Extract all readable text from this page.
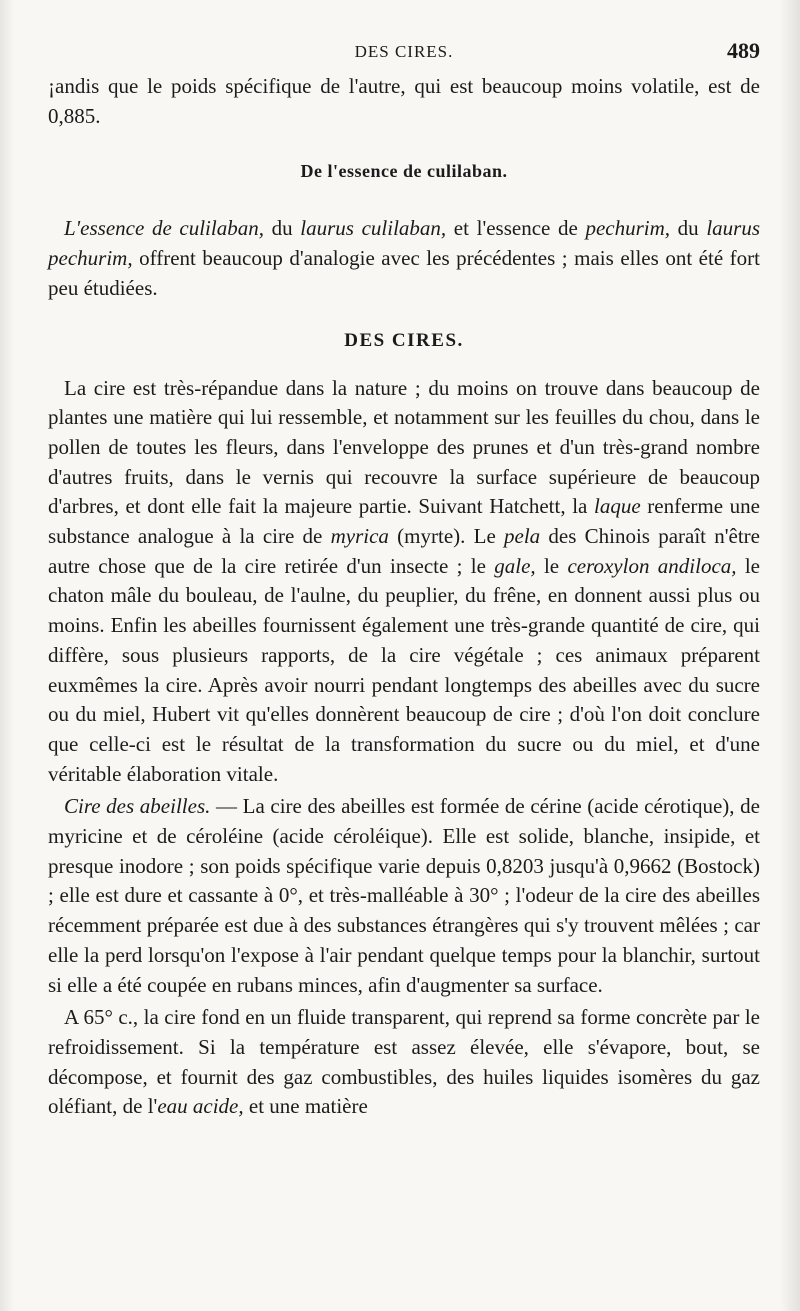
DES CIRES.	489

¡andis que le poids spécifique de l'autre, qui est beaucoup moins volatile, est de 0,885.

De l'essence de culilaban.

L'essence de culilaban, du laurus culilaban, et l'essence de pechurim, du laurus pechurim, offrent beaucoup d'analogie avec les précédentes ; mais elles ont été fort peu étudiées.

DES CIRES.

La cire est très-répandue dans la nature ; du moins on trouve dans beaucoup de plantes une matière qui lui ressemble, et notamment sur les feuilles du chou, dans le pollen de toutes les fleurs, dans l'enveloppe des prunes et d'un très-grand nombre d'autres fruits, dans le vernis qui recouvre la surface supérieure de beaucoup d'arbres, et dont elle fait la majeure partie. Suivant Hatchett, la laque renferme une substance analogue à la cire de myrica (myrte). Le pela des Chinois paraît n'être autre chose que de la cire retirée d'un insecte ; le gale, le ceroxylon andiloca, le chaton mâle du bouleau, de l'aulne, du peuplier, du frêne, en donnent aussi plus ou moins. Enfin les abeilles fournissent également une très-grande quantité de cire, qui diffère, sous plusieurs rapports, de la cire végétale ; ces animaux préparent euxmêmes la cire. Après avoir nourri pendant longtemps des abeilles avec du sucre ou du miel, Hubert vit qu'elles donnèrent beaucoup de cire ; d'où l'on doit conclure que celle-ci est le résultat de la transformation du sucre ou du miel, et d'une véritable élaboration vitale.

Cire des abeilles. — La cire des abeilles est formée de cérine (acide cérotique), de myricine et de céroléine (acide céroléique). Elle est solide, blanche, insipide, et presque inodore ; son poids spécifique varie depuis 0,8203 jusqu'à 0,9662 (Bostock) ; elle est dure et cassante à 0°, et très-malléable à 30° ; l'odeur de la cire des abeilles récemment préparée est due à des substances étrangères qui s'y trouvent mêlées ; car elle la perd lorsqu'on l'expose à l'air pendant quelque temps pour la blanchir, surtout si elle a été coupée en rubans minces, afin d'augmenter sa surface.

A 65° c., la cire fond en un fluide transparent, qui reprend sa forme concrète par le refroidissement. Si la température est assez élevée, elle s'évapore, bout, se décompose, et fournit des gaz combustibles, des huiles liquides isomères du gaz oléfiant, de l'eau acide, et une matière
